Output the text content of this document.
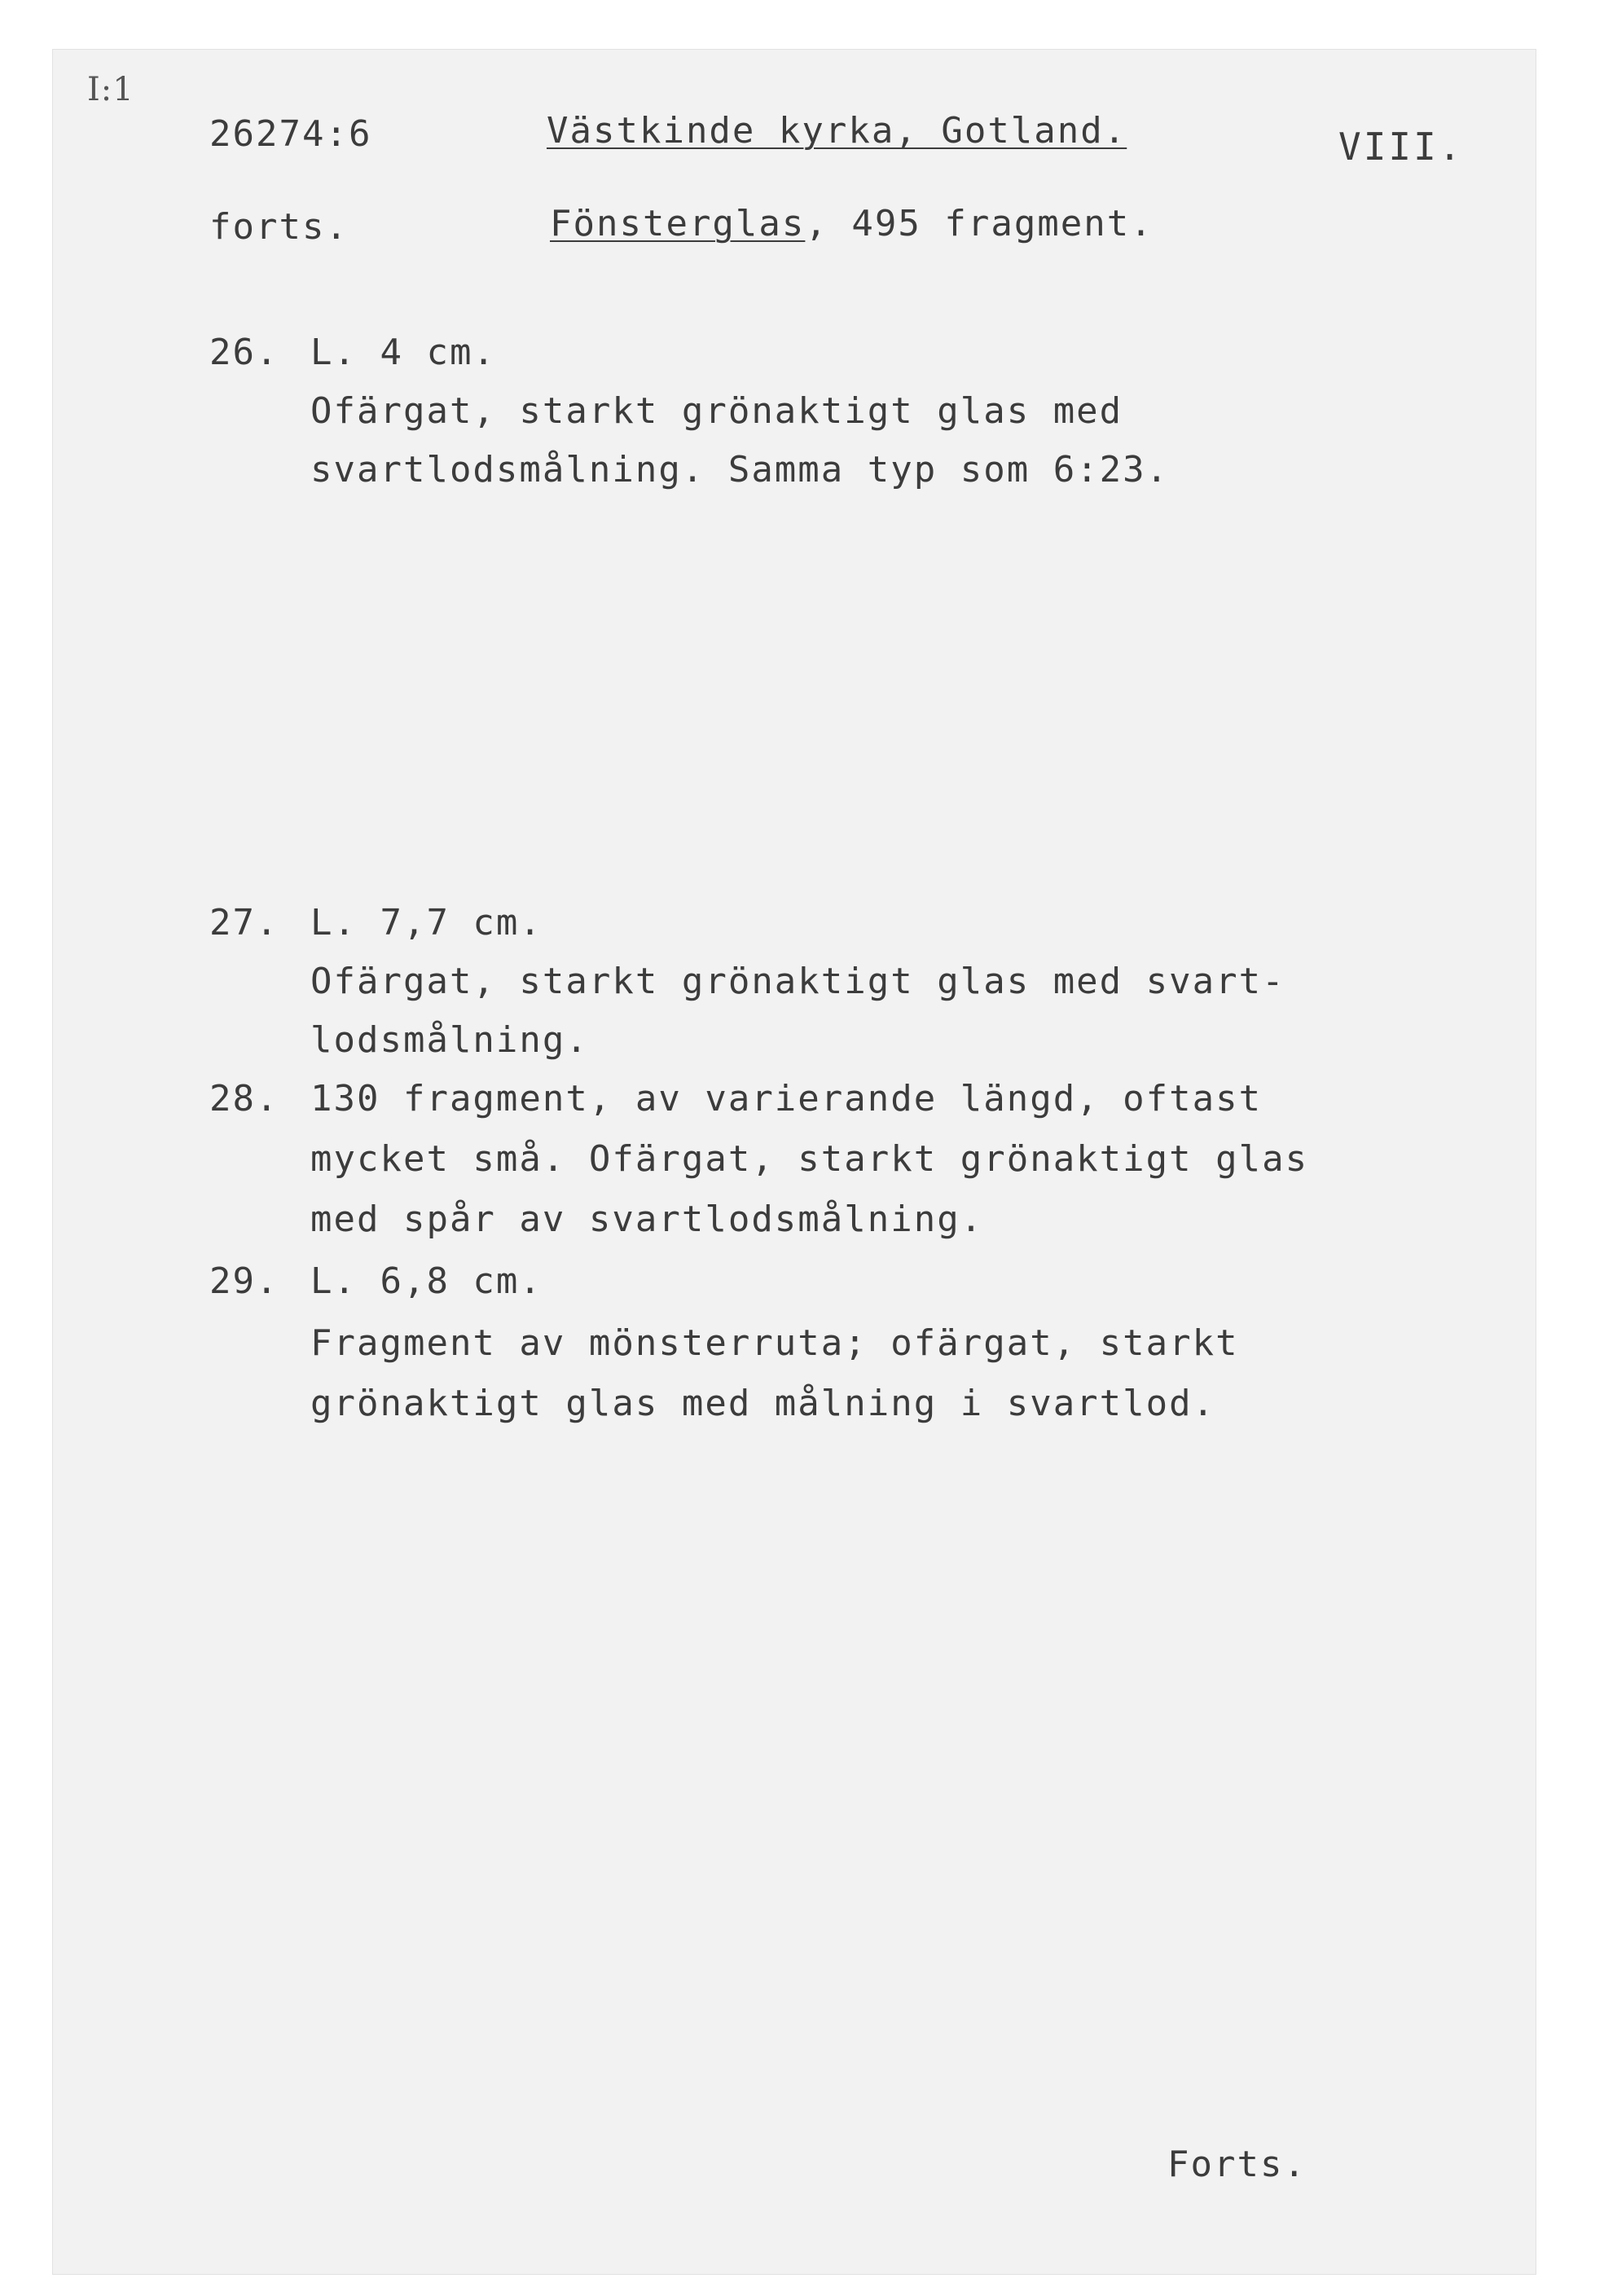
I:1
26274:6	Västkinde kyrka, Gotland.	VIII.
forts.	Fönsterglas, 495 fragment.
26. L. 4 cm.
Ofärgat, starkt grönaktigt glas med
svartlodsmålning. Samma typ som 6:23.
27. L. 7,7 cm.
Ofärgat, starkt grönaktigt glas med svart-
lodsmålning.
28. 130 fragment, av varierande längd, oftast
mycket små. Ofärgat, starkt grönaktigt glas
med spår av svartlodsmålning.
29. L. 6,8 cm.
Fragment av mönsterruta; ofärgat, starkt
grönaktigt glas med målning i svartlod.
Forts.
